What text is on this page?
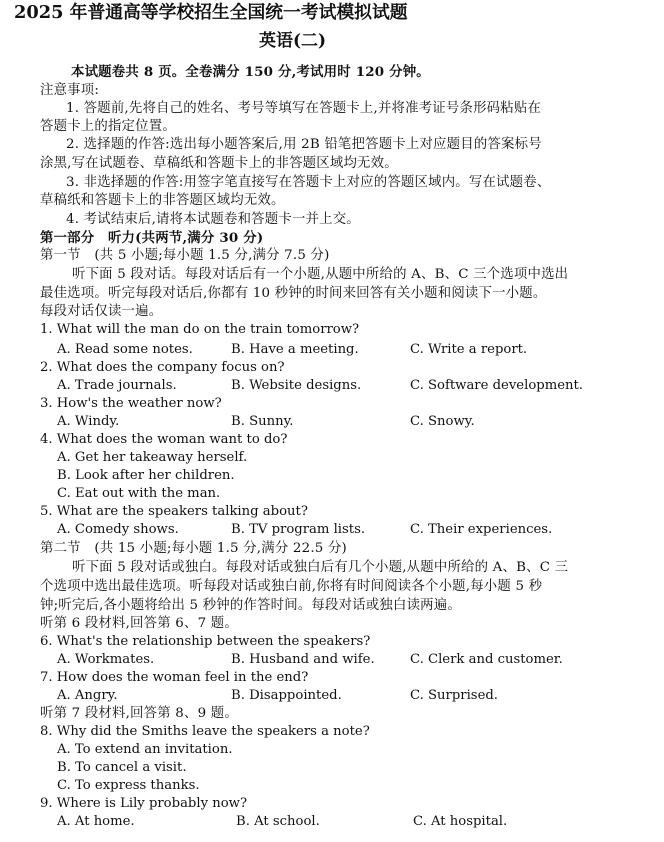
2025 年普通高等学校招生全国统一考试模拟试题
英语(二)
本试题卷共 8 页。全卷满分 150 分,考试用时 120 分钟。
注意事项:
1. 答题前,先将自己的姓名、考号等填写在答题卡上,并将准考证号条形码粘贴在
答题卡上的指定位置。
2. 选择题的作答:选出每小题答案后,用 2B 铅笔把答题卡上对应题目的答案标号
涂黑,写在试题卷、草稿纸和答题卡上的非答题区域均无效。
3. 非选择题的作答:用签字笔直接写在答题卡上对应的答题区域内。写在试题卷、
草稿纸和答题卡上的非答题区域均无效。
4. 考试结束后,请将本试题卷和答题卡一并上交。
第一部分　听力(共两节,满分 30 分)
第一节　(共 5 小题;每小题 1.5 分,满分 7.5 分)
听下面 5 段对话。每段对话后有一个小题,从题中所给的 A、B、C 三个选项中选出
最佳选项。听完每段对话后,你都有 10 秒钟的时间来回答有关小题和阅读下一小题。
每段对话仅读一遍。
1. What will the man do on the train tomorrow?
A. Read some notes.	B. Have a meeting.	C. Write a report.
2. What does the company focus on?
A. Trade journals.	B. Website designs.	C. Software development.
3. How's the weather now?
A. Windy.	B. Sunny.	C. Snowy.
4. What does the woman want to do?
A. Get her takeaway herself.
B. Look after her children.
C. Eat out with the man.
5. What are the speakers talking about?
A. Comedy shows.	B. TV program lists.	C. Their experiences.
第二节　(共 15 小题;每小题 1.5 分,满分 22.5 分)
听下面 5 段对话或独白。每段对话或独白后有几个小题,从题中所给的 A、B、C 三
个选项中选出最佳选项。听每段对话或独白前,你将有时间阅读各个小题,每小题 5 秒
钟;听完后,各小题将给出 5 秒钟的作答时间。每段对话或独白读两遍。
听第 6 段材料,回答第 6、7 题。
6. What's the relationship between the speakers?
A. Workmates.	B. Husband and wife.	C. Clerk and customer.
7. How does the woman feel in the end?
A. Angry.	B. Disappointed.	C. Surprised.
听第 7 段材料,回答第 8、9 题。
8. Why did the Smiths leave the speakers a note?
A. To extend an invitation.
B. To cancel a visit.
C. To express thanks.
9. Where is Lily probably now?
A. At home.	B. At school.	C. At hospital.
